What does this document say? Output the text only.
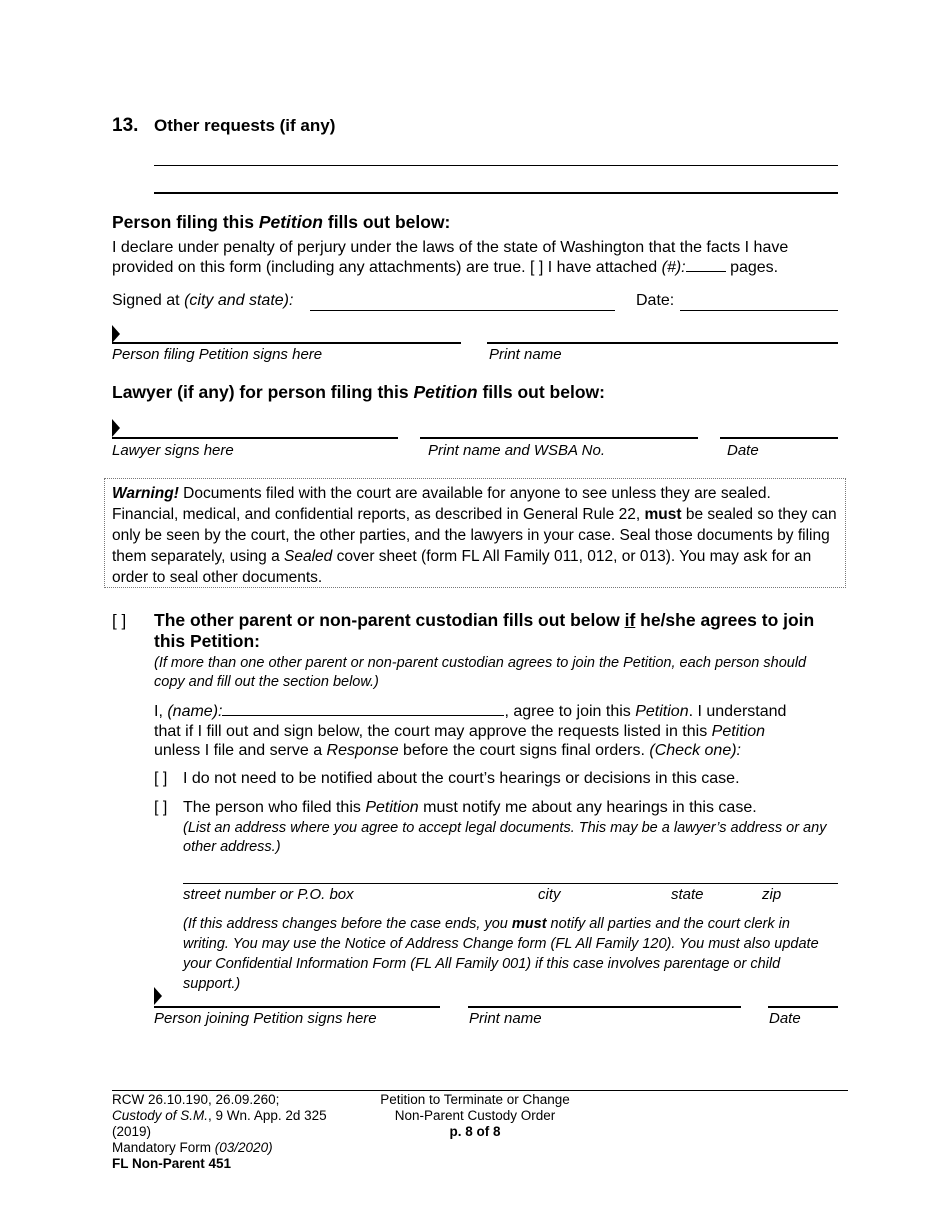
13. Other requests (if any)
Person filing this Petition fills out below:
I declare under penalty of perjury under the laws of the state of Washington that the facts I have
provided on this form (including any attachments) are true. [ ] I have attached (#):	pages.
Signed at (city and state):	Date:
Person filing Petition signs here	Print name
Lawyer (if any) for person filing this Petition fills out below:
Lawyer signs here	Print name and WSBA No.	Date
Warning! Documents filed with the court are available for anyone to see unless they are sealed. Financial, medical, and confidential reports, as described in General Rule 22, must be sealed so they can only be seen by the court, the other parties, and the lawyers in your case. Seal those documents by filing them separately, using a Sealed cover sheet (form FL All Family 011, 012, or 013). You may ask for an order to seal other documents.
[ ] The other parent or non-parent custodian fills out below if he/she agrees to join this Petition:
(If more than one other parent or non-parent custodian agrees to join the Petition, each person should copy and fill out the section below.)
I, (name):	, agree to join this Petition. I understand
that if I fill out and sign below, the court may approve the requests listed in this Petition
unless I file and serve a Response before the court signs final orders. (Check one):
[ ] I do not need to be notified about the court’s hearings or decisions in this case.
[ ] The person who filed this Petition must notify me about any hearings in this case.
(List an address where you agree to accept legal documents. This may be a lawyer’s address or any other address.)
street number or P.O. box	city	state	zip
(If this address changes before the case ends, you must notify all parties and the court clerk in writing. You may use the Notice of Address Change form (FL All Family 120). You must also update your Confidential Information Form (FL All Family 001) if this case involves parentage or child support.)
Person joining Petition signs here	Print name	Date
RCW 26.10.190, 26.09.260;
Custody of S.M., 9 Wn. App. 2d 325
(2019)
Mandatory Form (03/2020)
FL Non-Parent 451
Petition to Terminate or Change
Non-Parent Custody Order
p. 8 of 8
